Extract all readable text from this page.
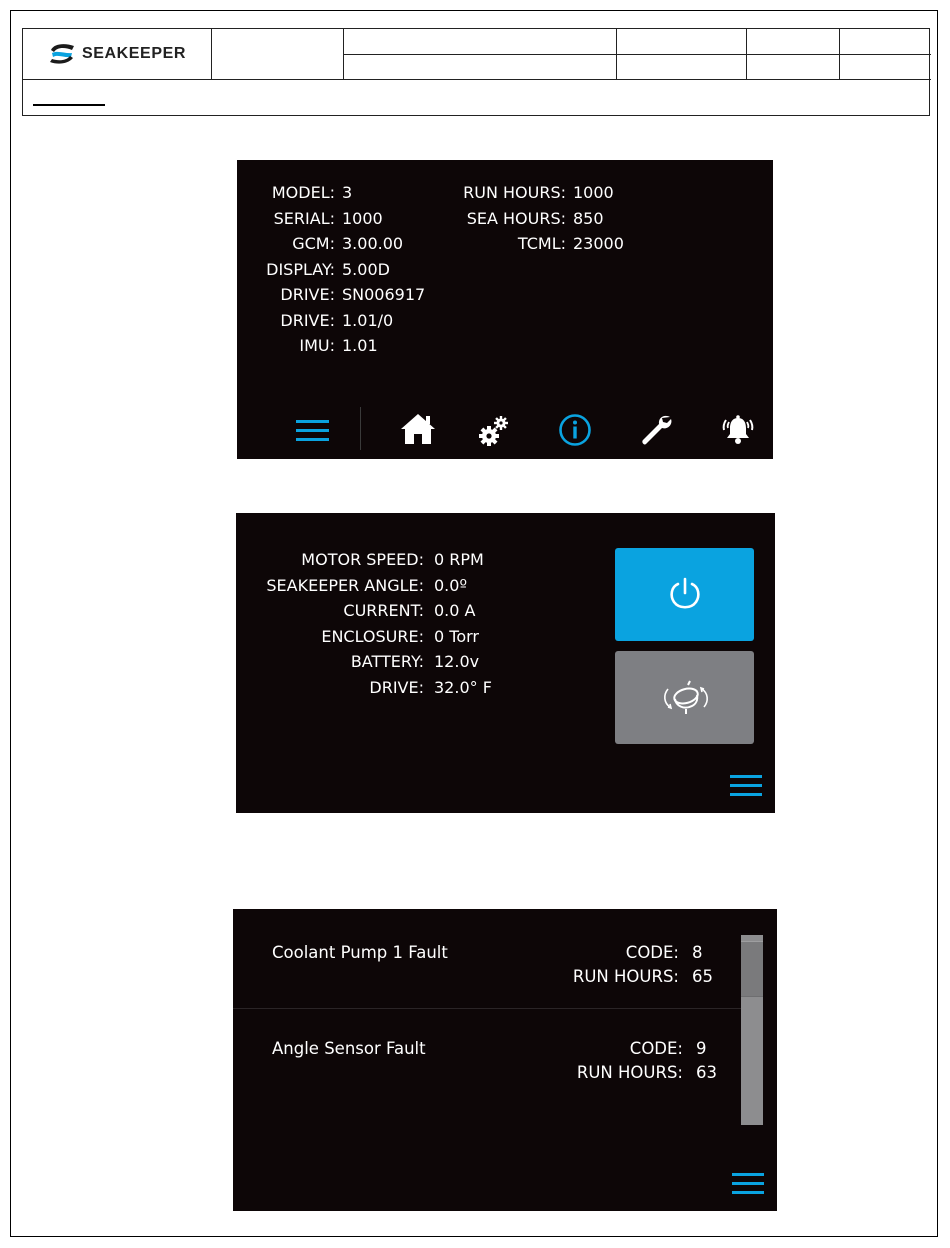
SEAKEEPER
MODEL: 3
SERIAL: 1000
GCM: 3.00.00
DISPLAY: 5.00D
DRIVE: SN006917
DRIVE: 1.01/0
IMU: 1.01
RUN HOURS: 1000
SEA HOURS: 850
TCML: 23000
MOTOR SPEED: 0 RPM
SEAKEEPER ANGLE: 0.0º
CURRENT: 0.0 A
ENCLOSURE: 0 Torr
BATTERY: 12.0v
DRIVE: 32.0° F
Coolant Pump 1 Fault	CODE: 8
RUN HOURS: 65
Angle Sensor Fault	CODE: 9
RUN HOURS: 63
